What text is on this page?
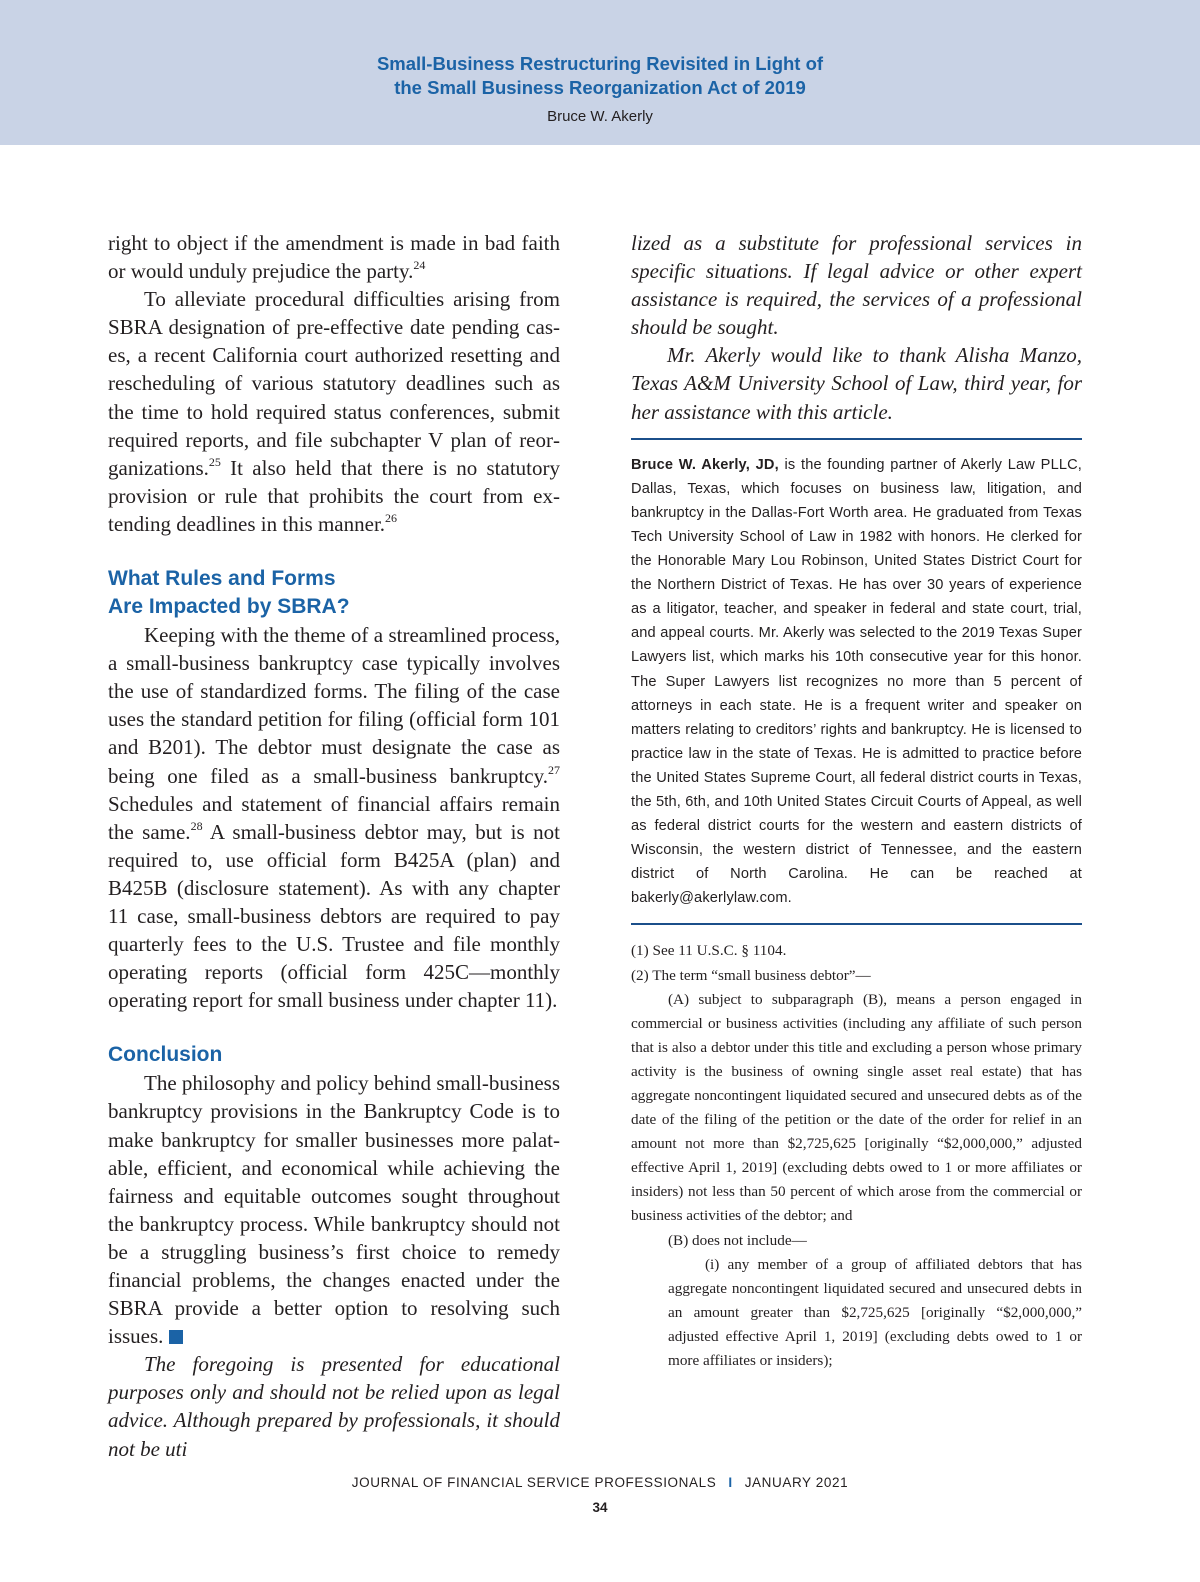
Small-Business Restructuring Revisited in Light of
the Small Business Reorganization Act of 2019
Bruce W. Akerly

right to object if the amendment is made in bad faith or would unduly prejudice the party.$^{24}$

To alleviate procedural difficulties arising from SBRA designation of pre-effective date pending cases, a recent California court authorized resetting and rescheduling of various statutory deadlines such as the time to hold required status conferences, submit required reports, and file subchapter V plan of reorganizations.$^{25}$ It also held that there is no statutory provision or rule that prohibits the court from extending deadlines in this manner.$^{26}$

What Rules and Forms
Are Impacted by SBRA?

Keeping with the theme of a streamlined process, a small-business bankruptcy case typically involves the use of standardized forms. The filing of the case uses the standard petition for filing (official form 101 and B201). The debtor must designate the case as being one filed as a small-business bankruptcy.$^{27}$ Schedules and statement of financial affairs remain the same.$^{28}$ A small-business debtor may, but is not required to, use official form B425A (plan) and B425B (disclosure statement). As with any chapter 11 case, small-business debtors are required to pay quarterly fees to the U.S. Trustee and file monthly operating reports (official form 425C—monthly operating report for small business under chapter 11).

Conclusion

The philosophy and policy behind small-business bankruptcy provisions in the Bankruptcy Code is to make bankruptcy for smaller businesses more palatable, efficient, and economical while achieving the fairness and equitable outcomes sought throughout the bankruptcy process. While bankruptcy should not be a struggling business’s first choice to remedy financial problems, the changes enacted under the SBRA provide a better option to resolving such issues.

The foregoing is presented for educational purposes only and should not be relied upon as legal advice. Although prepared by professionals, it should not be uti

lized as a substitute for professional services in specific situations. If legal advice or other expert assistance is required, the services of a professional should be sought.

Mr. Akerly would like to thank Alisha Manzo, Texas A&M University School of Law, third year, for her assistance with this article.

Bruce W. Akerly, JD, is the founding partner of Akerly Law PLLC, Dallas, Texas, which focuses on business law, litigation, and bankruptcy in the Dallas-Fort Worth area. He graduated from Texas Tech University School of Law in 1982 with honors. He clerked for the Honorable Mary Lou Robinson, United States District Court for the Northern District of Texas. He has over 30 years of experience as a litigator, teacher, and speaker in federal and state court, trial, and appeal courts. Mr. Akerly was selected to the 2019 Texas Super Lawyers list, which marks his 10th consecutive year for this honor. The Super Lawyers list recognizes no more than 5 percent of attorneys in each state. He is a frequent writer and speaker on matters relating to creditors’ rights and bankruptcy. He is licensed to practice law in the state of Texas. He is admitted to practice before the United States Supreme Court, all federal district courts in Texas, the 5th, 6th, and 10th United States Circuit Courts of Appeal, as well as federal district courts for the western and eastern districts of Wisconsin, the western district of Tennessee, and the eastern district of North Carolina. He can be reached at bakerly@akerlylaw.com.

(1) See 11 U.S.C. § 1104.

(2) The term “small business debtor”—

(A) subject to subparagraph (B), means a person engaged in commercial or business activities (including any affiliate of such person that is also a debtor under this title and excluding a person whose primary activity is the business of owning single asset real estate) that has aggregate noncontingent liquidated secured and unsecured debts as of the date of the filing of the petition or the date of the order for relief in an amount not more than $2,725,625 [originally “$2,000,000,” adjusted effective April 1, 2019] (excluding debts owed to 1 or more affiliates or insiders) not less than 50 percent of which arose from the commercial or business activities of the debtor; and

(B) does not include—

(i) any member of a group of affiliated debtors that has aggregate noncontingent liquidated secured and unsecured debts in an amount greater than $2,725,625 [originally “$2,000,000,” adjusted effective April 1, 2019] (excluding debts owed to 1 or more affiliates or insiders);

JOURNAL OF FINANCIAL SERVICE PROFESSIONALS I JANUARY 2021
34
